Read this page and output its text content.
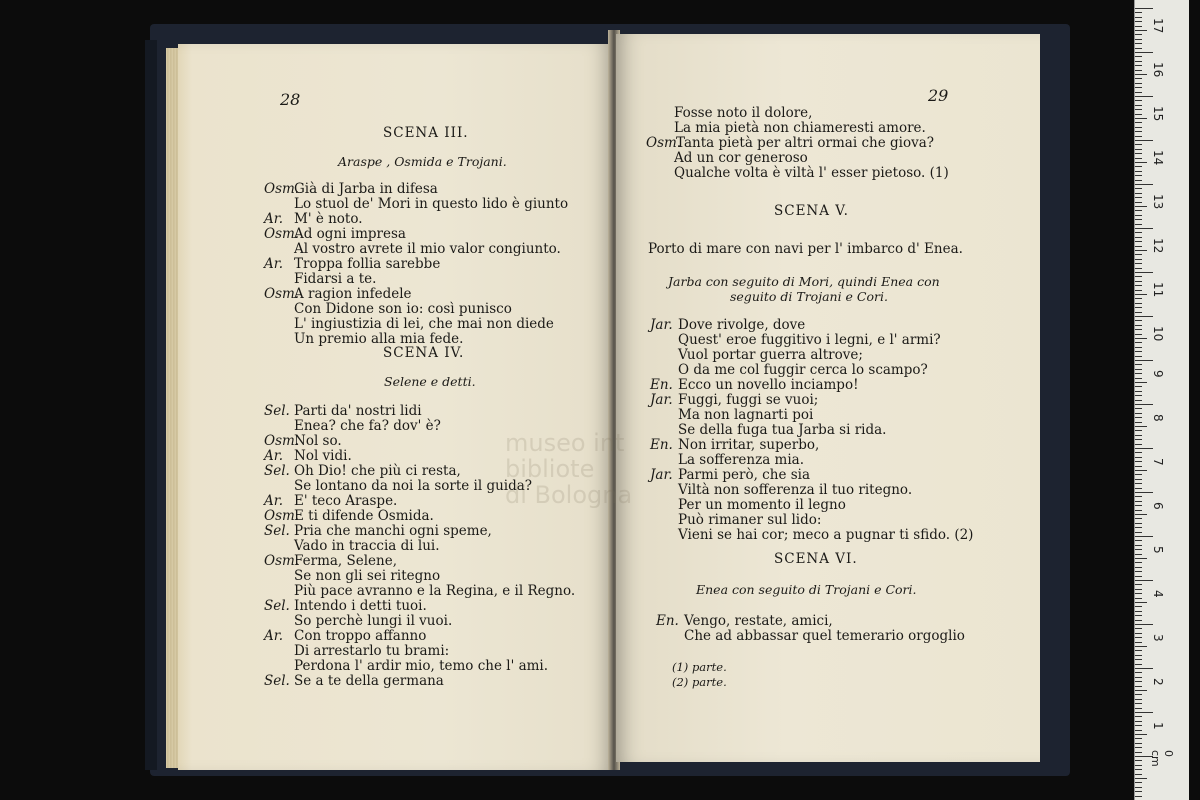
28
SCENA III.
Araspe , Osmida e Trojani.
Osm.Già di Jarba in difesa
Lo stuol de' Mori in questo lido è giunto
Ar. M' è noto.
Osm.Ad ogni impresa
Al vostro avrete il mio valor congiunto.
Ar. Troppa follia sarebbe
Fidarsi a te.
Osm.A ragion infedele
Con Didone son io: così punisco
L' ingiustizia di lei, che mai non diede
Un premio alla mia fede.
SCENA IV.
Selene e detti.
Sel. Parti da' nostri lidi
Enea? che fa? dov' è?
Osm.Nol so.
Ar. Nol vidi.
Sel. Oh Dio! che più ci resta,
Se lontano da noi la sorte il guida?
Ar. E' teco Araspe.
Osm.E ti difende Osmida.
Sel. Pria che manchi ogni speme,
Vado in traccia di lui.
Osm.Ferma, Selene,
Se non gli sei ritegno
Più pace avranno e la Regina, e il Regno.
Sel. Intendo i detti tuoi.
So perchè lungi il vuoi.
Ar. Con troppo affanno
Di arrestarlo tu brami:
Perdona l' ardir mio, temo che l' ami.
Sel. Se a te della germana
29
Fosse noto il dolore,
La mia pietà non chiameresti amore.
Osm.Tanta pietà per altri ormai che giova?
Ad un cor generoso
Qualche volta è viltà l' esser pietoso. (1)
SCENA V.
Porto di mare con navi per l' imbarco d' Enea.
Jarba con seguito di Mori, quindi Enea con
seguito di Trojani e Cori.
Jar. Dove rivolge, dove
Quest' eroe fuggitivo i legni, e l' armi?
Vuol portar guerra altrove;
O da me col fuggir cerca lo scampo?
En. Ecco un novello inciampo!
Jar. Fuggi, fuggi se vuoi;
Ma non lagnarti poi
Se della fuga tua Jarba si rida.
En. Non irritar, superbo,
La sofferenza mia.
Jar. Parmi però, che sia
Viltà non sofferenza il tuo ritegno.
Per un momento il legno
Può rimaner sul lido:
Vieni se hai cor; meco a pugnar ti sfido. (2)
SCENA VI.
Enea con seguito di Trojani e Cori.
En. Vengo, restate, amici,
Che ad abbassar quel temerario orgoglio
(1) parte.
(2) parte.
museo int
bibliote
di Bologna
17
16
15
14
13
12
11
10
9
8
7
6
5
4
3
2
1
0 cm
